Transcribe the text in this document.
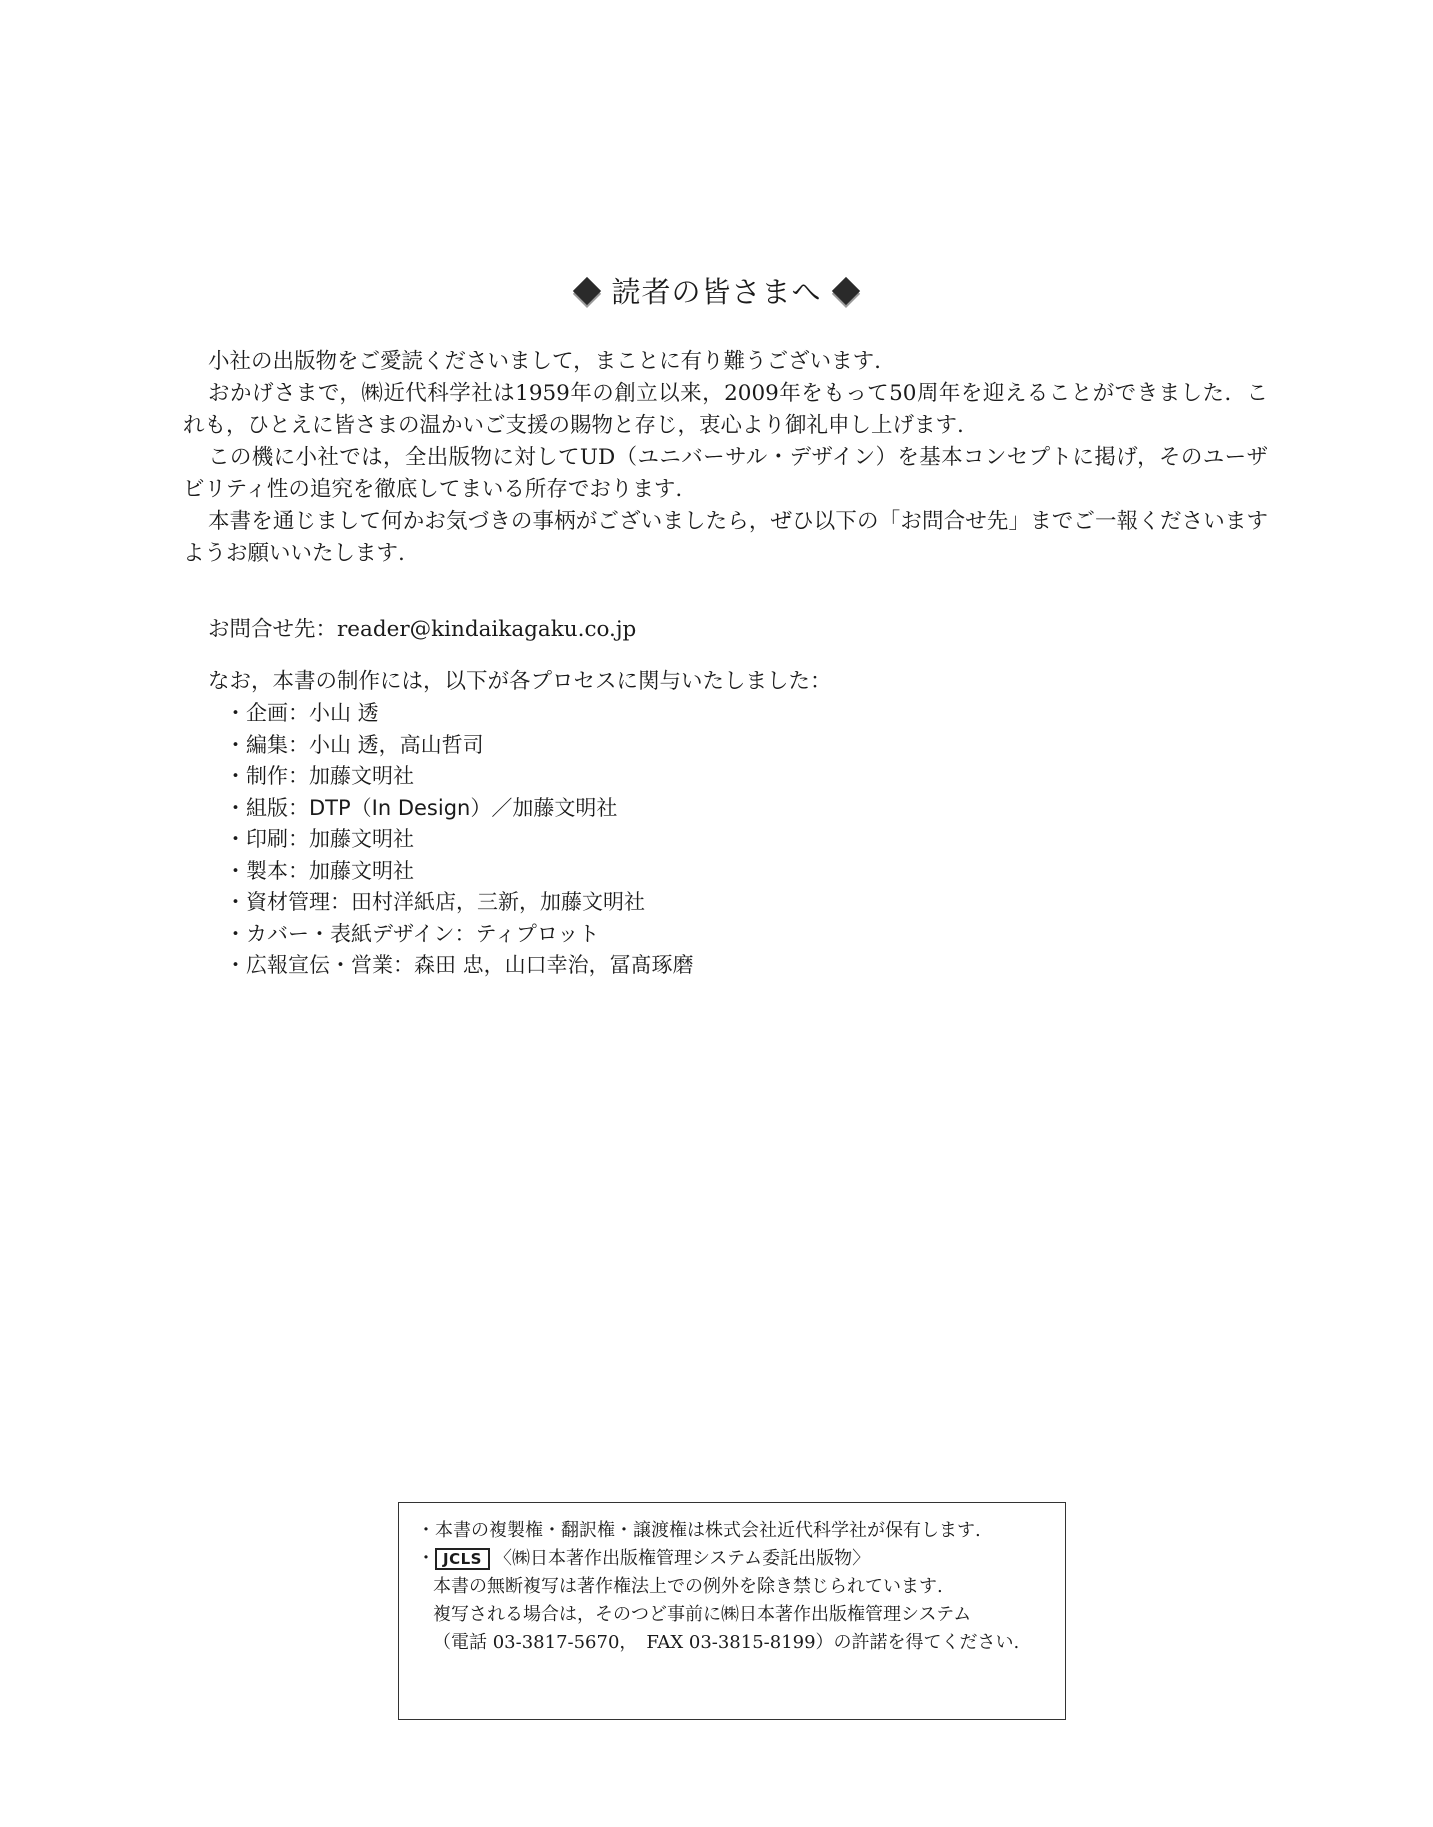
読者の皆さまへ

小社の出版物をご愛読くださいまして，まことに有り難うございます.

おかげさまで，㈱近代科学社は1959年の創立以来，2009年をもって50周年を迎えることができました．これも，ひとえに皆さまの温かいご支援の賜物と存じ，衷心より御礼申し上げます.

この機に小社では，全出版物に対してUD（ユニバーサル・デザイン）を基本コンセプトに掲げ，そのユーザビリティ性の追究を徹底してまいる所存でおります.

本書を通じまして何かお気づきの事柄がございましたら，ぜひ以下の「お問合せ先」までご一報くださいますようお願いいたします.

お問合せ先：reader@kindaikagaku.co.jp
なお，本書の制作には，以下が各プロセスに関与いたしました：
・企画：小山 透
・編集：小山 透，高山哲司
・制作：加藤文明社
・組版：DTP（In Design）／加藤文明社
・印刷：加藤文明社
・製本：加藤文明社
・資材管理：田村洋紙店，三新，加藤文明社
・カバー・表紙デザイン：ティプロット
・広報宣伝・営業：森田 忠，山口幸治，冨髙琢磨
・本書の複製権・翻訳権・譲渡権は株式会社近代科学社が保有します.
・ JCLS 〈㈱日本著作出版権管理システム委託出版物〉
本書の無断複写は著作権法上での例外を除き禁じられています.
複写される場合は，そのつど事前に㈱日本著作出版権管理システム
（電話 03-3817-5670，　FAX 03-3815-8199）の許諾を得てください.
